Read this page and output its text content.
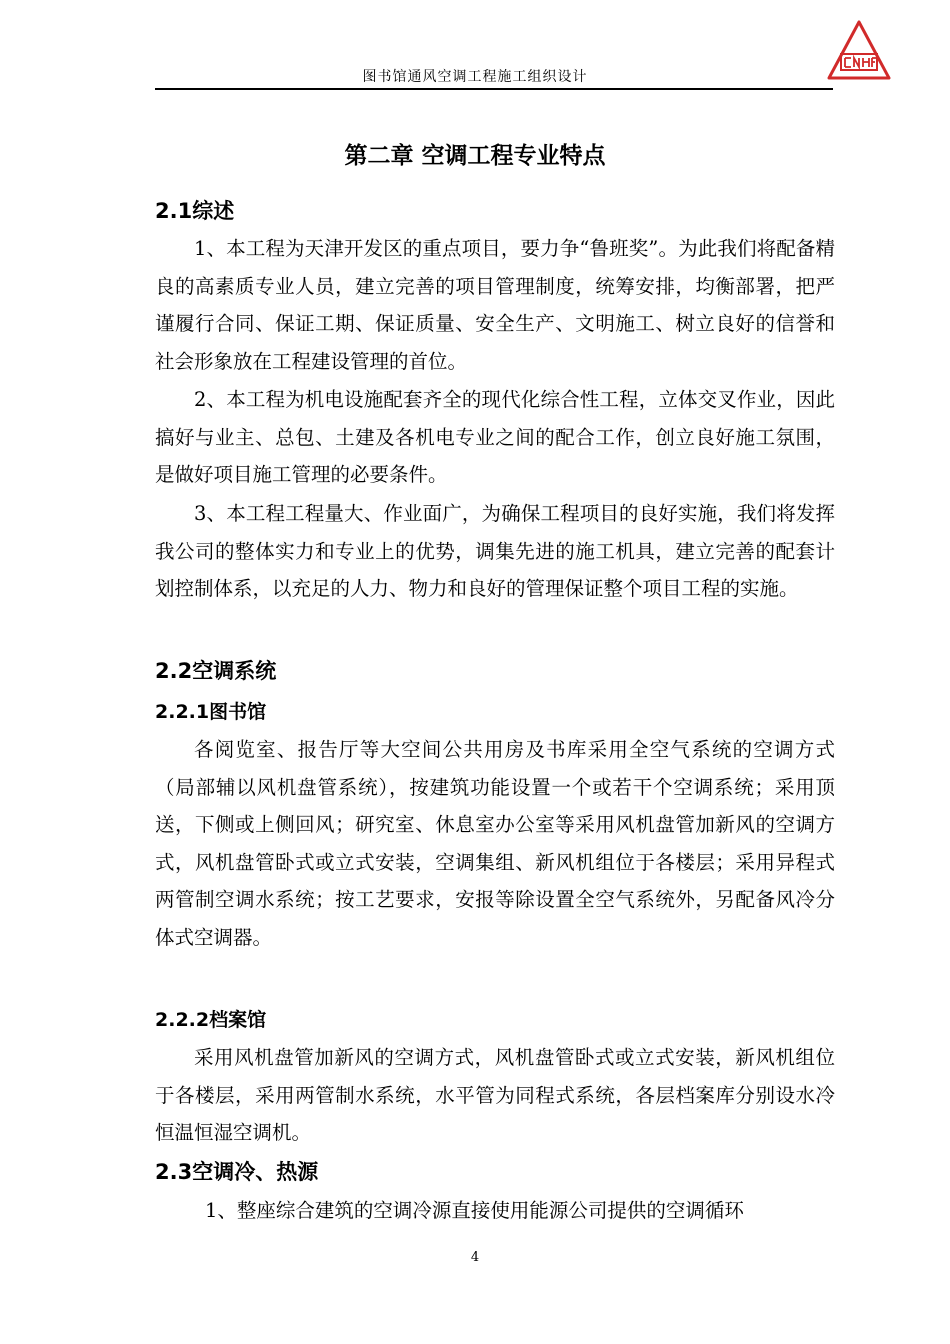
图书馆通风空调工程施工组织设计
第二章 空调工程专业特点
2.1综述

1、本工程为天津开发区的重点项目，要力争“鲁班奖”。为此我们将配备精良的高素质专业人员，建立完善的项目管理制度，统筹安排，均衡部署，把严谨履行合同、保证工期、保证质量、安全生产、文明施工、树立良好的信誉和社会形象放在工程建设管理的首位。

2、本工程为机电设施配套齐全的现代化综合性工程，立体交叉作业，因此搞好与业主、总包、土建及各机电专业之间的配合工作，创立良好施工氛围，是做好项目施工管理的必要条件。

3、本工程工程量大、作业面广，为确保工程项目的良好实施，我们将发挥我公司的整体实力和专业上的优势，调集先进的施工机具，建立完善的配套计划控制体系，以充足的人力、物力和良好的管理保证整个项目工程的实施。

2.2空调系统
2.2.1图书馆

各阅览室、报告厅等大空间公共用房及书库采用全空气系统的空调方式（局部辅以风机盘管系统），按建筑功能设置一个或若干个空调系统；采用顶送，下侧或上侧回风；研究室、休息室办公室等采用风机盘管加新风的空调方式，风机盘管卧式或立式安装，空调集组、新风机组位于各楼层；采用异程式两管制空调水系统；按工艺要求，安报等除设置全空气系统外，另配备风冷分体式空调器。

2.2.2档案馆

采用风机盘管加新风的空调方式，风机盘管卧式或立式安装，新风机组位于各楼层，采用两管制水系统，水平管为同程式系统，各层档案库分别设水冷恒温恒湿空调机。

2.3空调冷、热源

1、整座综合建筑的空调冷源直接使用能源公司提供的空调循环

4
